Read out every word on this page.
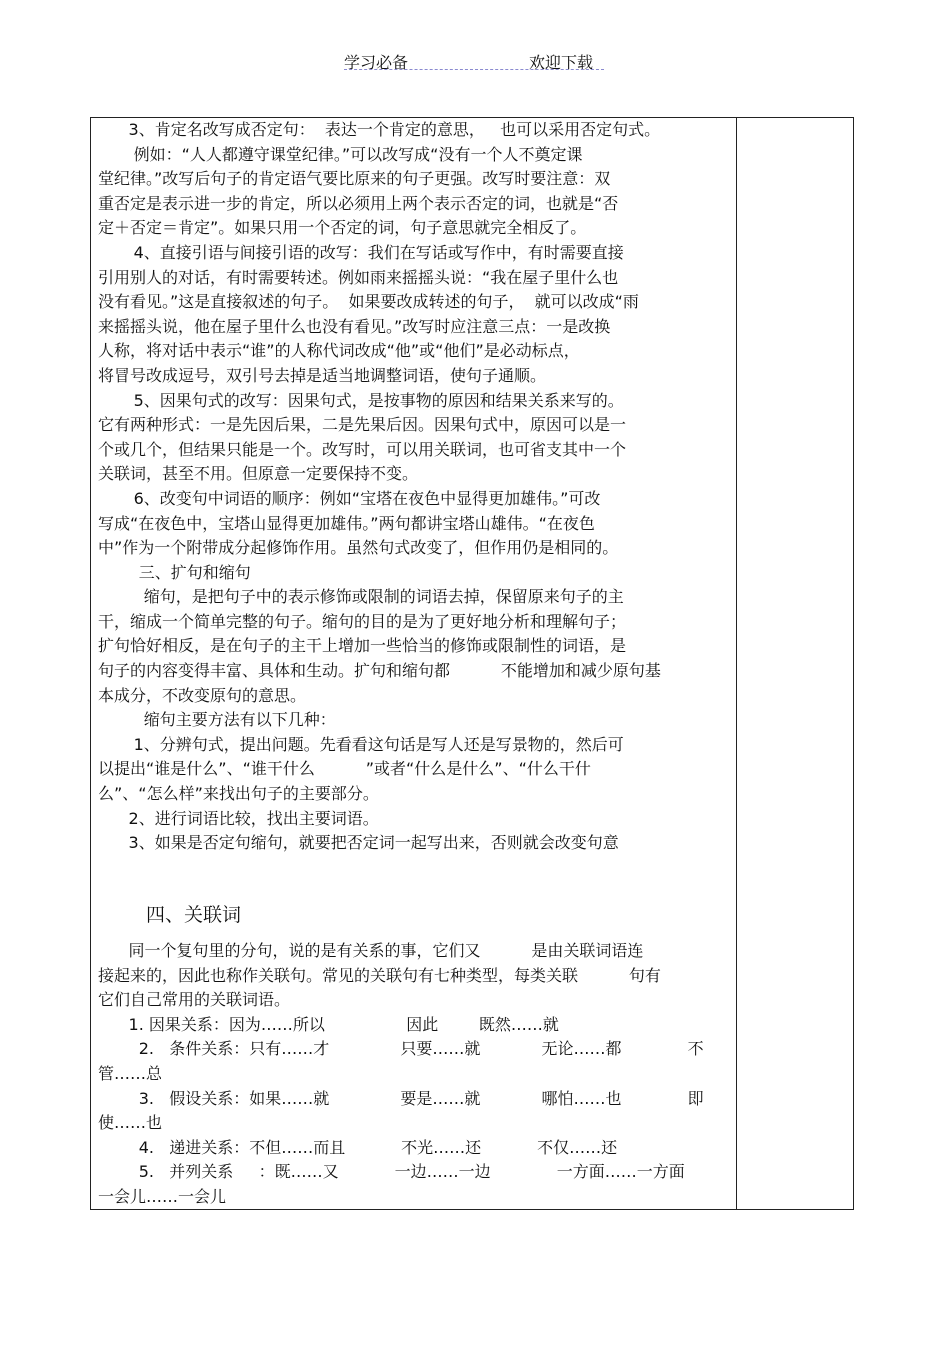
学习必备	欢迎下载

3、肯定名改写成否定句：  表达一个肯定的意思，   也可以采用否定句式。

例如：“人人都遵守课堂纪律。”可以改写成“没有一个人不奠定课

堂纪律。”改写后句子的肯定语气要比原来的句子更强。改写时要注意：双

重否定是表示进一步的肯定，所以必须用上两个表示否定的词，也就是“否

定＋否定＝肯定”。如果只用一个否定的词，句子意思就完全相反了。

4、直接引语与间接引语的改写：我们在写话或写作中，有时需要直接

引用别人的对话，有时需要转述。例如雨来摇摇头说：“我在屋子里什么也

没有看见。”这是直接叙述的句子。  如果要改成转述的句子，  就可以改成“雨

来摇摇头说，他在屋子里什么也没有看见。”改写时应注意三点：一是改换

人称，将对话中表示“谁”的人称代词改成“他”或“他们”是必动标点，

将冒号改成逗号，双引号去掉是适当地调整词语，使句子通顺。

5、因果句式的改写：因果句式，是按事物的原因和结果关系来写的。

它有两种形式：一是先因后果，二是先果后因。因果句式中，原因可以是一

个或几个，但结果只能是一个。改写时，可以用关联词，也可省支其中一个

关联词，甚至不用。但原意一定要保持不变。

6、改变句中词语的顺序：例如“宝塔在夜色中显得更加雄伟。”可改

写成“在夜色中，宝塔山显得更加雄伟。”两句都讲宝塔山雄伟。“在夜色

中”作为一个附带成分起修饰作用。虽然句式改变了，但作用仍是相同的。

三、扩句和缩句

缩句，是把句子中的表示修饰或限制的词语去掉，保留原来句子的主

干，缩成一个简单完整的句子。缩句的目的是为了更好地分析和理解句子；

扩句恰好相反，是在句子的主干上增加一些恰当的修饰或限制性的词语，是

句子的内容变得丰富、具体和生动。扩句和缩句都          不能增加和减少原句基

本成分，不改变原句的意思。

缩句主要方法有以下几种：

1、分辨句式，提出问题。先看看这句话是写人还是写景物的，然后可

以提出“谁是什么”、“谁干什么          ”或者“什么是什么”、“什么干什

么”、“怎么样”来找出句子的主要部分。

2、进行词语比较，找出主要词语。

3、如果是否定句缩句，就要把否定词一起写出来，否则就会改变句意

四、关联词

同一个复句里的分句，说的是有关系的事，它们又          是由关联词语连

接起来的，因此也称作关联句。常见的关联句有七种类型，每类关联          句有

它们自己常用的关联词语。

1. 因果关系：因为……所以                因此        既然……就

2.   条件关系：只有……才              只要……就            无论……都             不

管……总

3.   假设关系：如果……就              要是……就            哪怕……也             即

使……也

4.   递进关系：不但……而且           不光……还           不仅……还

5.   并列关系     ：既……又           一边……一边             一方面……一方面

一会儿……一会儿
